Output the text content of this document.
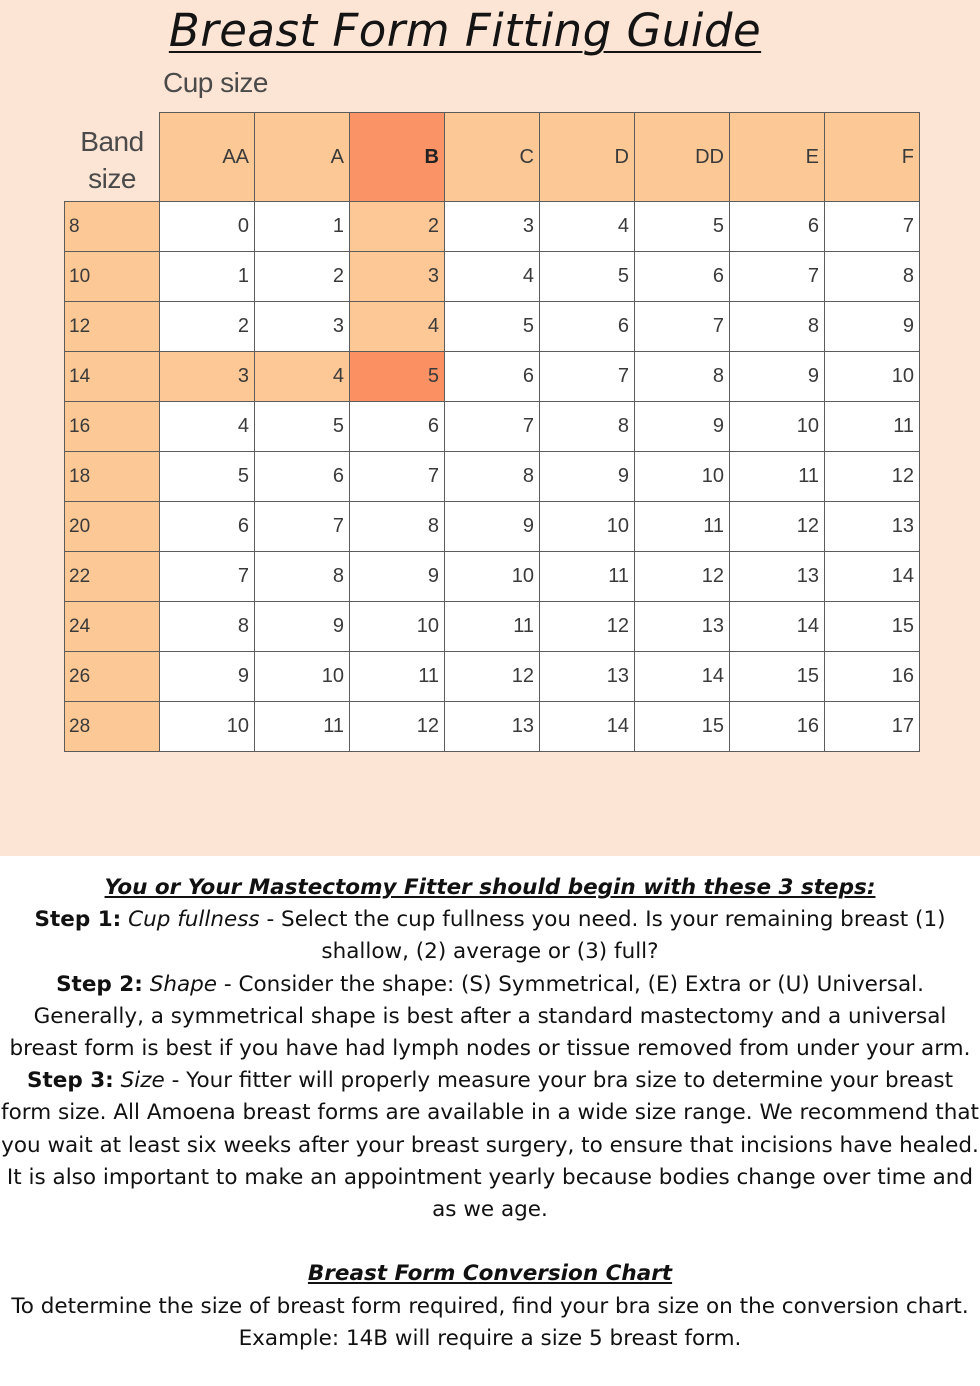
Breast Form Fitting Guide
Cup size
Band
size
	AA	A	B	C	D	DD	E	F
8	0	1	2	3	4	5	6	7
10	1	2	3	4	5	6	7	8
12	2	3	4	5	6	7	8	9
14	3	4	5	6	7	8	9	10
16	4	5	6	7	8	9	10	11
18	5	6	7	8	9	10	11	12
20	6	7	8	9	10	11	12	13
22	7	8	9	10	11	12	13	14
24	8	9	10	11	12	13	14	15
26	9	10	11	12	13	14	15	16
28	10	11	12	13	14	15	16	17

You or Your Mastectomy Fitter should begin with these 3 steps:

Step 1: Cup fullness - Select the cup fullness you need. Is your remaining breast (1) shallow, (2) average or (3) full?

Step 2: Shape - Consider the shape: (S) Symmetrical, (E) Extra or (U) Universal. Generally, a symmetrical shape is best after a standard mastectomy and a universal breast form is best if you have had lymph nodes or tissue removed from under your arm.

Step 3: Size - Your fitter will properly measure your bra size to determine your breast form size. All Amoena breast forms are available in a wide size range. We recommend that you wait at least six weeks after your breast surgery, to ensure that incisions have healed. It is also important to make an appointment yearly because bodies change over time and as we age.

Breast Form Conversion Chart

To determine the size of breast form required, find your bra size on the conversion chart.

Example: 14B will require a size 5 breast form.
